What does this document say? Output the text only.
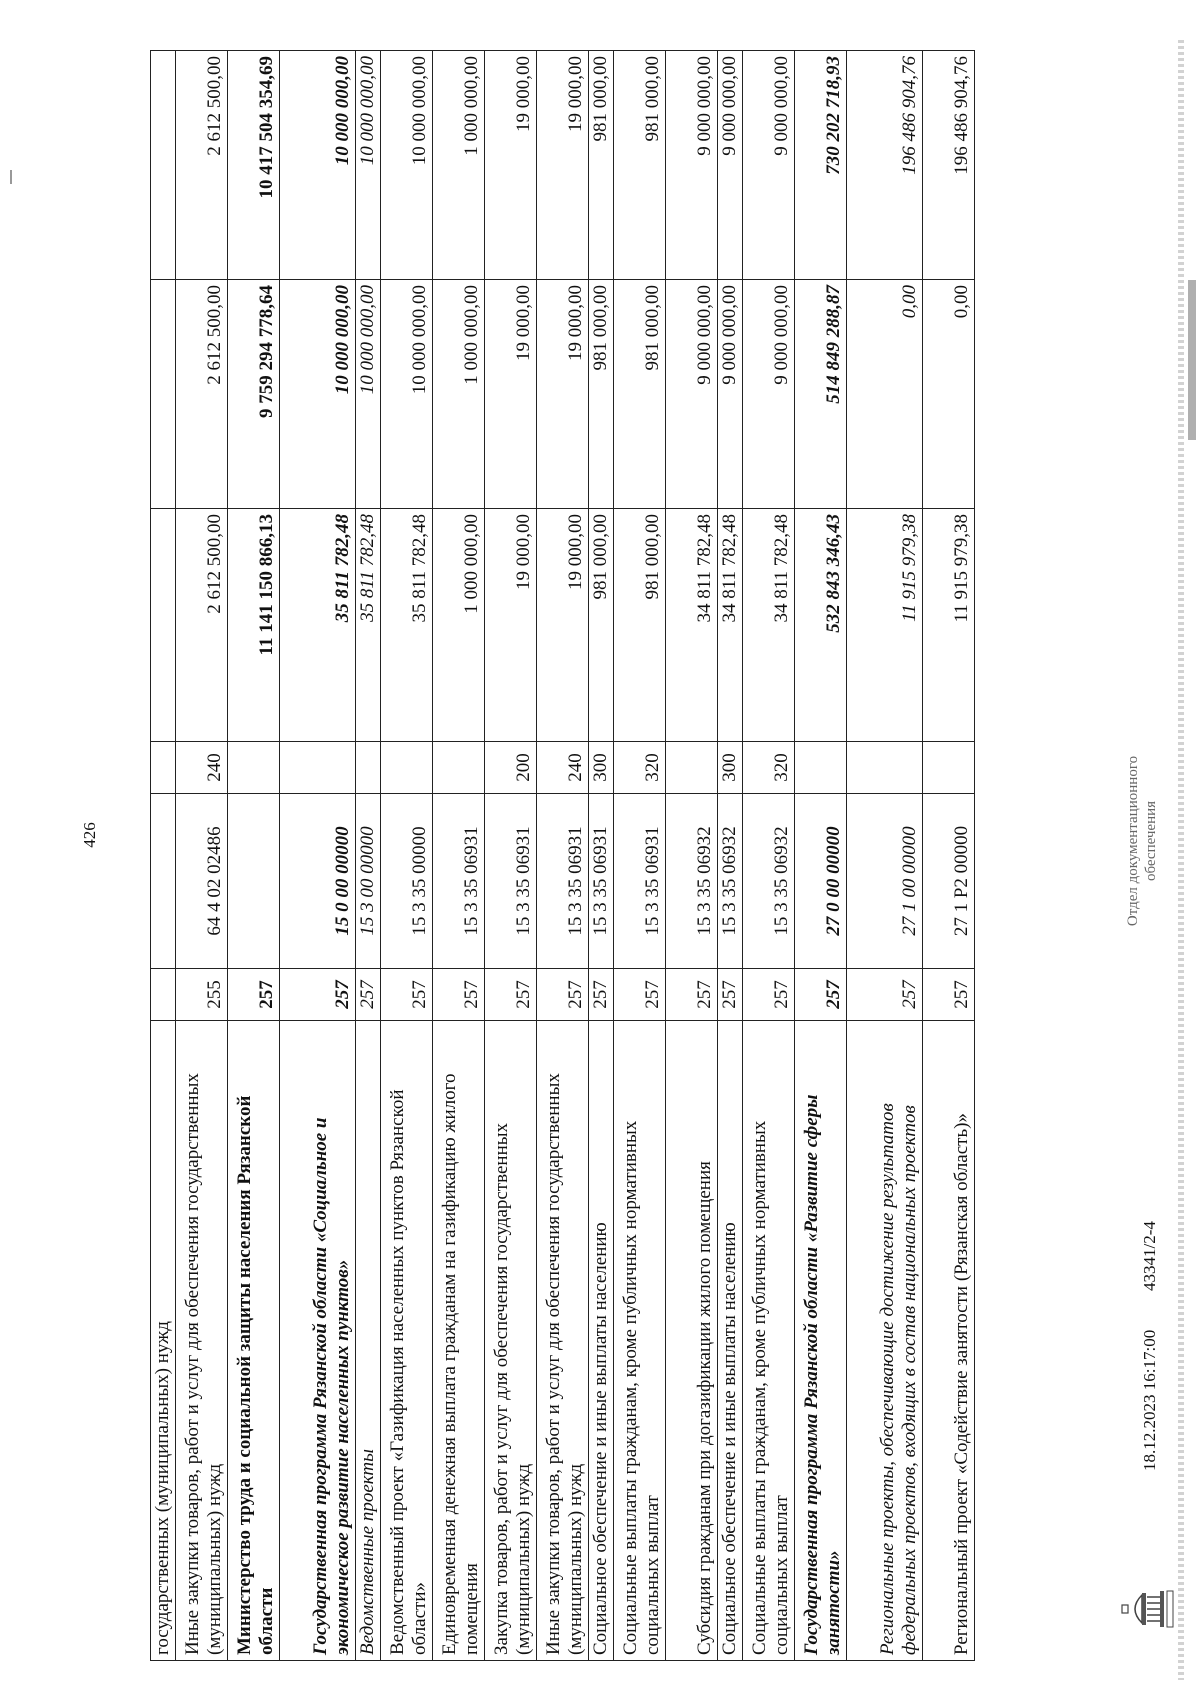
426
государственных (муниципальных) нужд						
Иные закупки товаров, работ и услуг для обеспечения государственных (муниципальных) нужд	255	64 4 02 02486	240	2 612 500,00	2 612 500,00	2 612 500,00
Министерство труда и социальной защиты населения Рязанской области	257			11 141 150 866,13	9 759 294 778,64	10 417 504 354,69
Государственная программа Рязанской области «Социальное и экономическое развитие населенных пунктов»	257	15 0 00 00000		35 811 782,48	10 000 000,00	10 000 000,00
Ведомственные проекты	257	15 3 00 00000		35 811 782,48	10 000 000,00	10 000 000,00
Ведомственный проект «Газификация населенных пунктов Рязанской области»	257	15 3 35 00000		35 811 782,48	10 000 000,00	10 000 000,00
Единовременная денежная выплата гражданам на газификацию жилого помещения	257	15 3 35 06931		1 000 000,00	1 000 000,00	1 000 000,00
Закупка товаров, работ и услуг для обеспечения государственных (муниципальных) нужд	257	15 3 35 06931	200	19 000,00	19 000,00	19 000,00
Иные закупки товаров, работ и услуг для обеспечения государственных (муниципальных) нужд	257	15 3 35 06931	240	19 000,00	19 000,00	19 000,00
Социальное обеспечение и иные выплаты населению	257	15 3 35 06931	300	981 000,00	981 000,00	981 000,00
Социальные выплаты гражданам, кроме публичных нормативных социальных выплат	257	15 3 35 06931	320	981 000,00	981 000,00	981 000,00
Субсидия гражданам при догазификации жилого помещения	257	15 3 35 06932		34 811 782,48	9 000 000,00	9 000 000,00
Социальное обеспечение и иные выплаты населению	257	15 3 35 06932	300	34 811 782,48	9 000 000,00	9 000 000,00
Социальные выплаты гражданам, кроме публичных нормативных социальных выплат	257	15 3 35 06932	320	34 811 782,48	9 000 000,00	9 000 000,00
Государственная программа Рязанской области «Развитие сферы занятости»	257	27 0 00 00000		532 843 346,43	514 849 288,87	730 202 718,93
Региональные проекты, обеспечивающие достижение результатов федеральных проектов, входящих в состав национальных проектов	257	27 1 00 00000		11 915 979,38	0,00	196 486 904,76
Региональный проект «Содействие занятости (Рязанская область)»	257	27 1 P2 00000		11 915 979,38	0,00	196 486 904,76
18.12.2023 16:17:00
43341/2-4
Отдел документационного обеспечения
